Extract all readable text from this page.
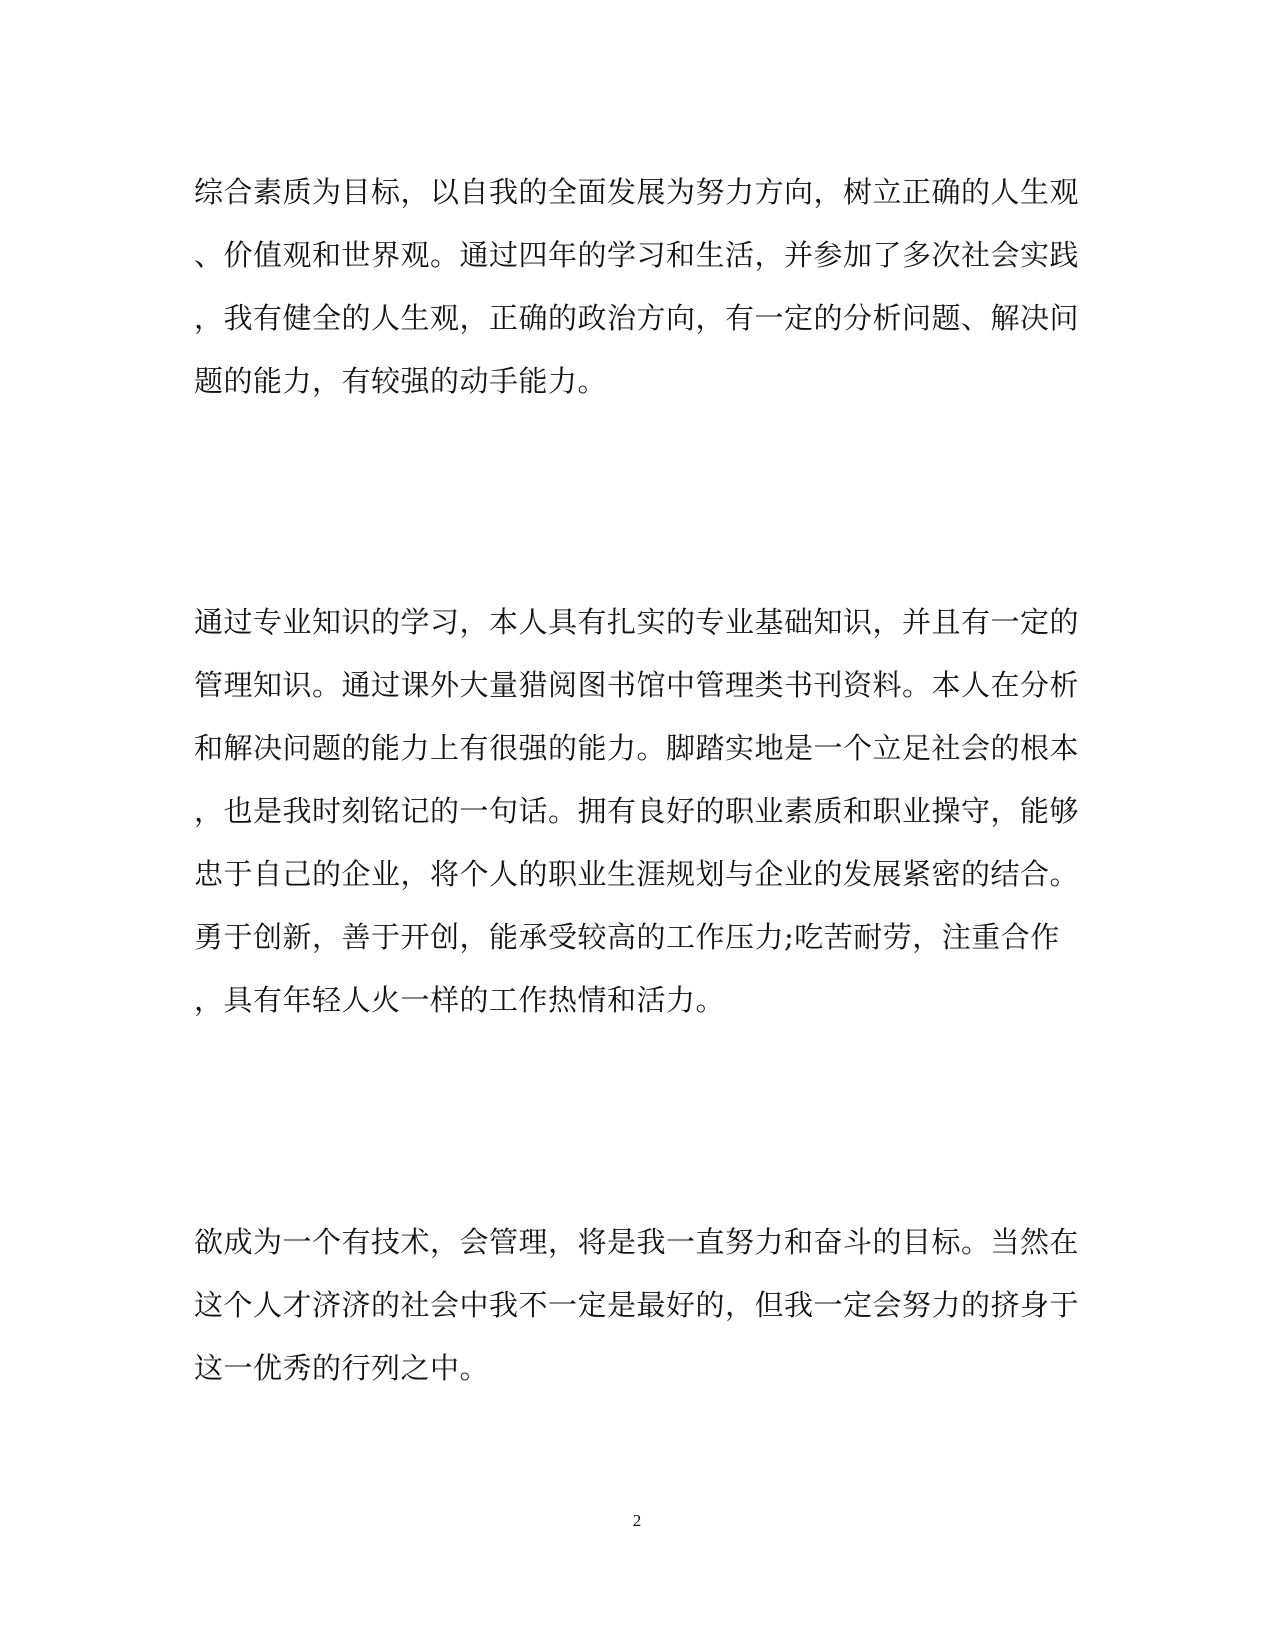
综合素质为目标，以自我的全面发展为努力方向，树立正确的人生观
、价值观和世界观。通过四年的学习和生活，并参加了多次社会实践
，我有健全的人生观，正确的政治方向，有一定的分析问题、解决问
题的能力，有较强的动手能力。
通过专业知识的学习，本人具有扎实的专业基础知识，并且有一定的
管理知识。通过课外大量猎阅图书馆中管理类书刊资料。本人在分析
和解决问题的能力上有很强的能力。脚踏实地是一个立足社会的根本
，也是我时刻铭记的一句话。拥有良好的职业素质和职业操守，能够
忠于自己的企业，将个人的职业生涯规划与企业的发展紧密的结合。
勇于创新，善于开创，能承受较高的工作压力;吃苦耐劳，注重合作
，具有年轻人火一样的工作热情和活力。
欲成为一个有技术，会管理，将是我一直努力和奋斗的目标。当然在
这个人才济济的社会中我不一定是最好的，但我一定会努力的挤身于
这一优秀的行列之中。
2
